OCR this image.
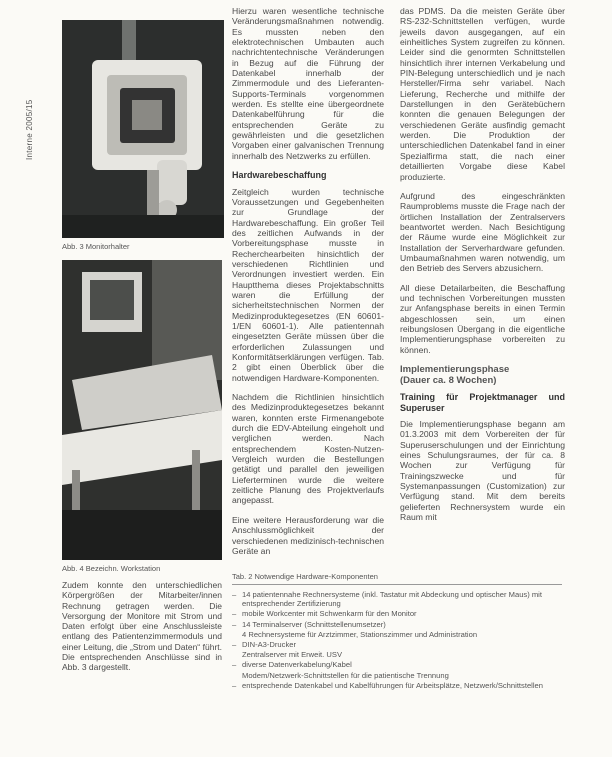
Interne 2005/15
Abb. 3 Monitorhalter
Abb. 4 Bezeichn. Workstation

Hierzu waren wesentliche technische Veränderungsmaßnahmen notwendig. Es mussten neben den elektrotechnischen Umbauten auch nachrichtentechnische Veränderungen in Bezug auf die Führung der Datenkabel innerhalb der Zimmermodule und des Lieferanten-Supports-Terminals vorgenommen werden. Es stellte eine übergeordnete Datenkabelführung für die entsprechenden Geräte zu gewährleisten und die gesetzlichen Vorgaben einer galvanischen Trennung innerhalb des Netzwerks zu erfüllen.

Hardwarebeschaffung

Zeitgleich wurden technische Voraussetzungen und Gegebenheiten zur Grundlage der Hardwarebeschaffung. Ein großer Teil des zeitlichen Aufwands in der Vorbereitungsphase musste in Recherchearbeiten hinsichtlich der verschiedenen Richtlinien und Verordnungen investiert werden. Ein Hauptthema dieses Projektabschnitts waren die Erfüllung der sicherheitstechnischen Normen der Medizinproduktegesetzes (EN 60601-1/EN 60601-1). Alle patientennah eingesetzten Geräte müssen über die erforderlichen Zulassungen und Konformitätserklärungen verfügen. Tab. 2 gibt einen Überblick über die notwendigen Hardware-Komponenten.

Nachdem die Richtlinien hinsichtlich des Medizinproduktegesetzes bekannt waren, konnten erste Firmenangebote durch die EDV-Abteilung eingeholt und verglichen werden. Nach entsprechendem Kosten-Nutzen-Vergleich wurden die Bestellungen getätigt und parallel den jeweiligen Lieferterminen wurde die weitere zeitliche Planung des Projektverlaufs angepasst.

Eine weitere Herausforderung war die Anschlussmöglichkeit der verschiedenen medizinisch-technischen Geräte an

das PDMS. Da die meisten Geräte über RS-232-Schnittstellen verfügen, wurde jeweils davon ausgegangen, auf ein einheitliches System zugreifen zu können. Leider sind die genormten Schnittstellen hinsichtlich ihrer internen Verkabelung und PIN-Belegung unterschiedlich und je nach Hersteller/Firma sehr variabel. Nach Lieferung, Recherche und mithilfe der Darstellungen in den Gerätebüchern konnten die genauen Belegungen der verschiedenen Geräte ausfindig gemacht werden. Die Produktion der unterschiedlichen Datenkabel fand in einer Spezialfirma statt, die nach einer detaillierten Vorgabe diese Kabel produzierte.

Aufgrund des eingeschränkten Raumproblems musste die Frage nach der örtlichen Installation der Zentralservers beantwortet werden. Nach Besichtigung der Räume wurde eine Möglichkeit zur Installation der Serverhardware gefunden. Umbaumaßnahmen waren notwendig, um den Betrieb des Servers abzusichern.

All diese Detailarbeiten, die Beschaffung und technischen Vorbereitungen mussten zur Anfangsphase bereits in einen Termin abgeschlossen sein, um einen reibungslosen Übergang in die eigentliche Implementierungsphase vorbereiten zu können.

Implementierungsphase
(Dauer ca. 8 Wochen)
Training für Projektmanager und Superuser

Die Implementierungsphase begann am 01.3.2003 mit dem Vorbereiten der für Superuserschulungen und der Einrichtung eines Schulungsraumes, der für ca. 8 Wochen zur Verfügung für Trainingszwecke und für Systemanpassungen (Customization) zur Verfügung stand. Mit dem bereits gelieferten Rechnersystem wurde ein Raum mit

Zudem konnte den unterschiedlichen Körpergrößen der Mitarbeiter/innen Rechnung getragen werden. Die Versorgung der Monitore mit Strom und Daten erfolgt über eine Anschlussleiste entlang des Patientenzimmermoduls und einer Leitung, die „Strom und Daten“ führt. Die entsprechenden Anschlüsse sind in Abb. 3 dargestellt.

Tab. 2 Notwendige Hardware-Komponenten
– 14 patientennahe Rechnersysteme (inkl. Tastatur mit Abdeckung und optischer Maus) mit entsprechender Zertifizierung
– mobile Workcenter mit Schwenkarm für den Monitor
– 14 Terminalserver (Schnittstellenumsetzer)
4 Rechnersysteme für Arztzimmer, Stationszimmer und Administration
– DIN-A3-Drucker
Zentralserver mit Erweit. USV
– diverse Datenverkabelung/Kabel
Modem/Netzwerk-Schnittstellen für die patientische Trennung
– entsprechende Datenkabel und Kabelführungen für Arbeitsplätze, Netzwerk/Schnittstellen
